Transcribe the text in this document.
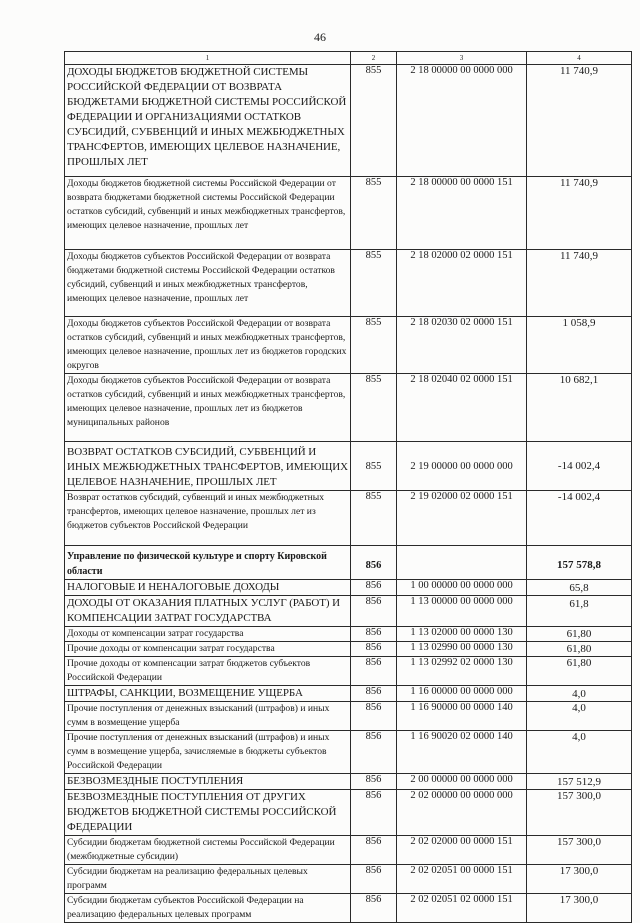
46
1	2	3	4
ДОХОДЫ БЮДЖЕТОВ БЮДЖЕТНОЙ СИСТЕМЫ РОССИЙСКОЙ ФЕДЕРАЦИИ ОТ ВОЗВРАТА БЮДЖЕТАМИ БЮДЖЕТНОЙ СИСТЕМЫ РОССИЙСКОЙ ФЕДЕРАЦИИ И ОРГАНИЗАЦИЯМИ ОСТАТКОВ СУБСИДИЙ, СУБВЕНЦИЙ И ИНЫХ МЕЖБЮДЖЕТНЫХ ТРАНСФЕРТОВ, ИМЕЮЩИХ ЦЕЛЕВОЕ НАЗНАЧЕНИЕ, ПРОШЛЫХ ЛЕТ	855	2 18 00000 00 0000 000	11 740,9
Доходы бюджетов бюджетной системы Российской Федерации от возврата бюджетами бюджетной системы Российской Федерации остатков субсидий, субвенций и иных межбюджетных трансфертов, имеющих целевое назначение, прошлых лет	855	2 18 00000 00 0000 151	11 740,9
Доходы бюджетов субъектов Российской Федерации от возврата бюджетами бюджетной системы Российской Федерации остатков субсидий, субвенций и иных межбюджетных трансфертов, имеющих целевое назначение, прошлых лет	855	2 18 02000 02 0000 151	11 740,9
Доходы бюджетов субъектов Российской Федерации от возврата остатков субсидий, субвенций и иных межбюджетных трансфертов, имеющих целевое назначение, прошлых лет из бюджетов городских округов	855	2 18 02030 02 0000 151	1 058,9
Доходы бюджетов субъектов Российской Федерации от возврата остатков субсидий, субвенций и иных межбюджетных трансфертов, имеющих целевое назначение, прошлых лет из бюджетов муниципальных районов	855	2 18 02040 02 0000 151	10 682,1
ВОЗВРАТ ОСТАТКОВ СУБСИДИЙ, СУБВЕНЦИЙ И ИНЫХ МЕЖБЮДЖЕТНЫХ ТРАНСФЕРТОВ, ИМЕЮЩИХ ЦЕЛЕВОЕ НАЗНАЧЕНИЕ, ПРОШЛЫХ ЛЕТ	855	2 19 00000 00 0000 000	-14 002,4
Возврат остатков субсидий, субвенций и иных межбюджетных трансфертов, имеющих целевое назначение, прошлых лет из бюджетов субъектов Российской Федерации	855	2 19 02000 02 0000 151	-14 002,4
Управление по физической культуре и спорту Кировской области	856		157 578,8
НАЛОГОВЫЕ И НЕНАЛОГОВЫЕ ДОХОДЫ	856	1 00 00000 00 0000 000	65,8
ДОХОДЫ ОТ ОКАЗАНИЯ ПЛАТНЫХ УСЛУГ (РАБОТ) И КОМПЕНСАЦИИ ЗАТРАТ ГОСУДАРСТВА	856	1 13 00000 00 0000 000	61,8
Доходы от компенсации затрат государства	856	1 13 02000 00 0000 130	61,80
Прочие доходы от компенсации затрат государства	856	1 13 02990 00 0000 130	61,80
Прочие доходы от компенсации затрат бюджетов субъектов Российской Федерации	856	1 13 02992 02 0000 130	61,80
ШТРАФЫ, САНКЦИИ, ВОЗМЕЩЕНИЕ УЩЕРБА	856	1 16 00000 00 0000 000	4,0
Прочие поступления от денежных взысканий (штрафов) и иных сумм в возмещение ущерба	856	1 16 90000 00 0000 140	4,0
Прочие поступления от денежных взысканий (штрафов) и иных сумм в возмещение ущерба, зачисляемые в бюджеты субъектов Российской Федерации	856	1 16 90020 02 0000 140	4,0
БЕЗВОЗМЕЗДНЫЕ ПОСТУПЛЕНИЯ	856	2 00 00000 00 0000 000	157 512,9
БЕЗВОЗМЕЗДНЫЕ ПОСТУПЛЕНИЯ ОТ ДРУГИХ БЮДЖЕТОВ БЮДЖЕТНОЙ СИСТЕМЫ РОССИЙСКОЙ ФЕДЕРАЦИИ	856	2 02 00000 00 0000 000	157 300,0
Субсидии бюджетам бюджетной системы Российской Федерации (межбюджетные субсидии)	856	2 02 02000 00 0000 151	157 300,0
Субсидии бюджетам на реализацию федеральных целевых программ	856	2 02 02051 00 0000 151	17 300,0
Субсидии бюджетам субъектов Российской Федерации на реализацию федеральных целевых программ	856	2 02 02051 02 0000 151	17 300,0
